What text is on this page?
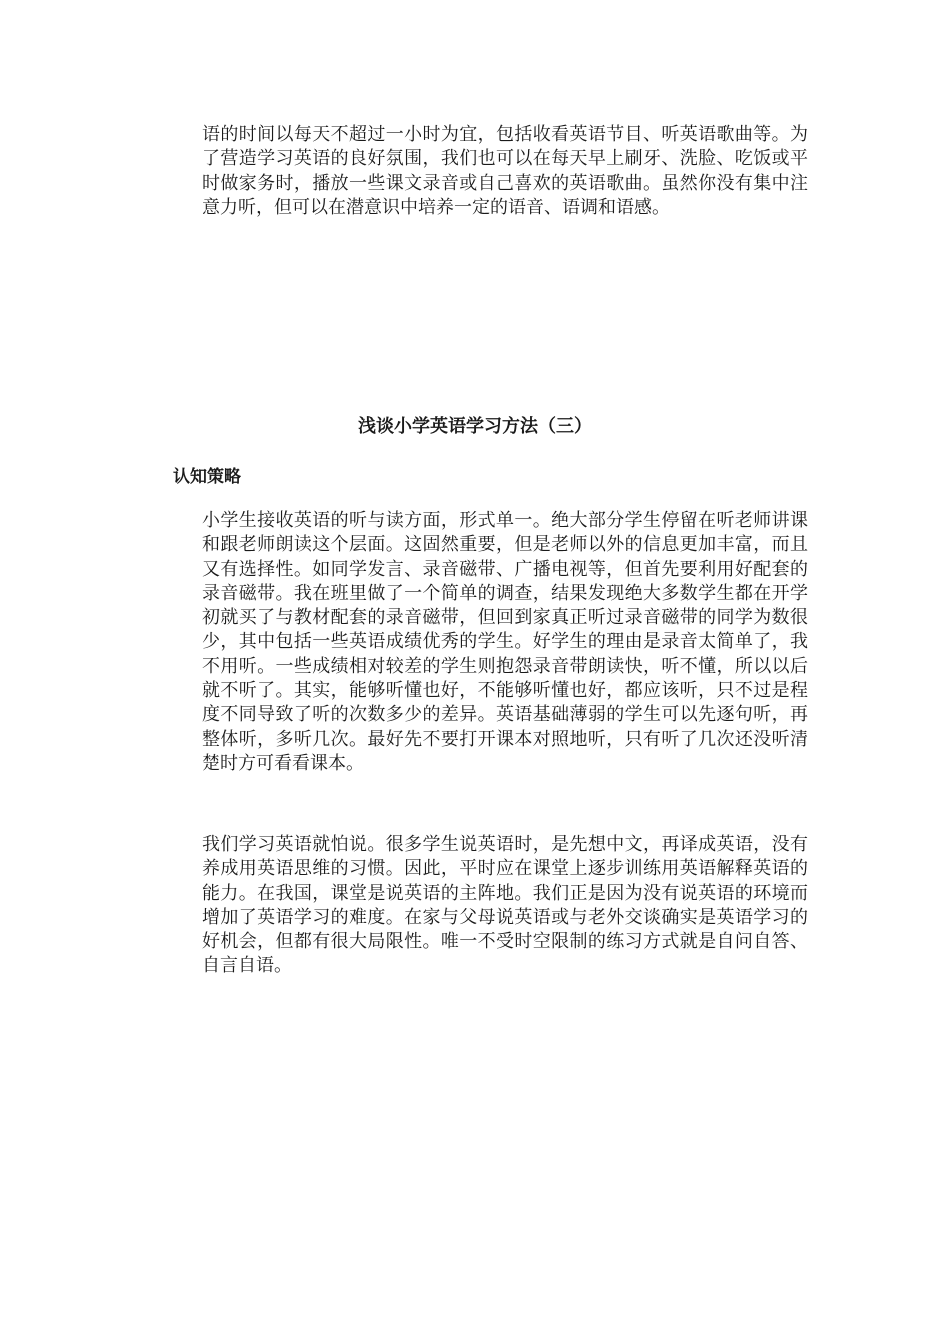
语的时间以每天不超过一小时为宜，包括收看英语节目、听英语歌曲等。为了营造学习英语的良好氛围，我们也可以在每天早上刷牙、洗脸、吃饭或平时做家务时，播放一些课文录音或自己喜欢的英语歌曲。虽然你没有集中注意力听，但可以在潜意识中培养一定的语音、语调和语感。

浅谈小学英语学习方法（三）
认知策略

小学生接收英语的听与读方面，形式单一。绝大部分学生停留在听老师讲课和跟老师朗读这个层面。这固然重要，但是老师以外的信息更加丰富，而且又有选择性。如同学发言、录音磁带、广播电视等，但首先要利用好配套的录音磁带。我在班里做了一个简单的调查，结果发现绝大多数学生都在开学初就买了与教材配套的录音磁带，但回到家真正听过录音磁带的同学为数很少，其中包括一些英语成绩优秀的学生。好学生的理由是录音太简单了，我不用听。一些成绩相对较差的学生则抱怨录音带朗读快，听不懂，所以以后就不听了。其实，能够听懂也好，不能够听懂也好，都应该听，只不过是程度不同导致了听的次数多少的差异。英语基础薄弱的学生可以先逐句听，再整体听，多听几次。最好先不要打开课本对照地听，只有听了几次还没听清楚时方可看看课本。

我们学习英语就怕说。很多学生说英语时，是先想中文，再译成英语，没有养成用英语思维的习惯。因此，平时应在课堂上逐步训练用英语解释英语的能力。在我国，课堂是说英语的主阵地。我们正是因为没有说英语的环境而增加了英语学习的难度。在家与父母说英语或与老外交谈确实是英语学习的好机会，但都有很大局限性。唯一不受时空限制的练习方式就是自问自答、自言自语。
